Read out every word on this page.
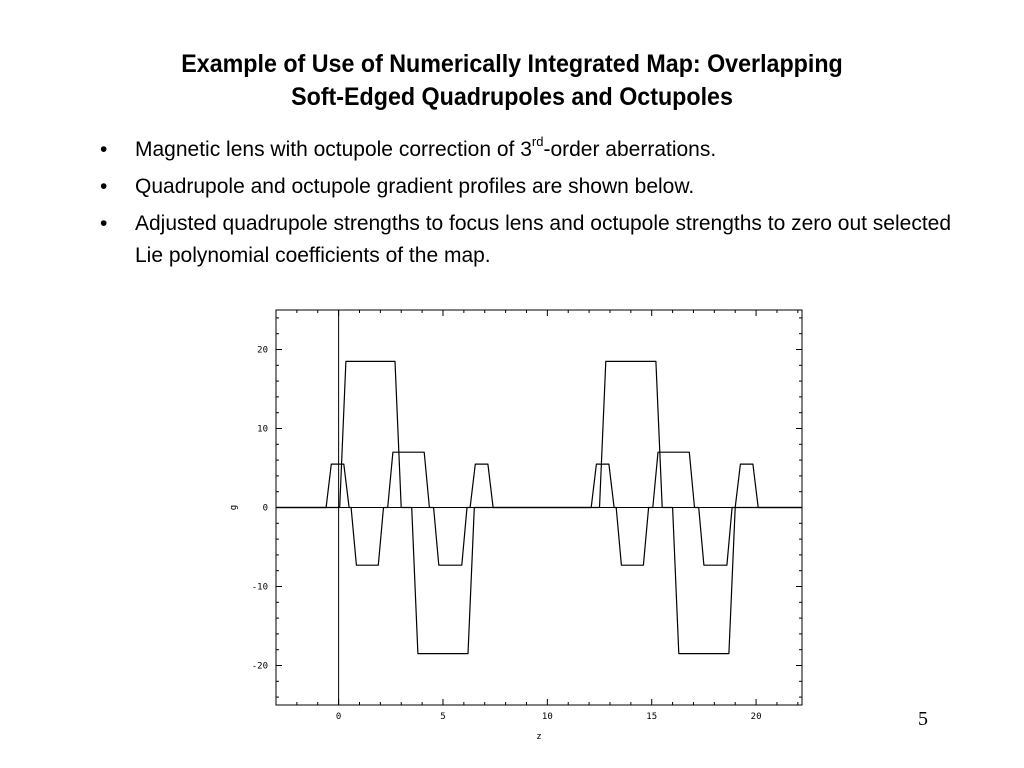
Example of Use of Numerically Integrated Map: Overlapping
Soft-Edged Quadrupoles and Octupoles
• Magnetic lens with octupole correction of 3rd-order aberrations.
• Quadrupole and octupole gradient profiles are shown below.
• Adjusted quadrupole strengths to focus lens and octupole strengths to zero out selected Lie polynomial coefficients of the map.
0	5	10	15	20
20
10
0
-10
-20
z
g
5
